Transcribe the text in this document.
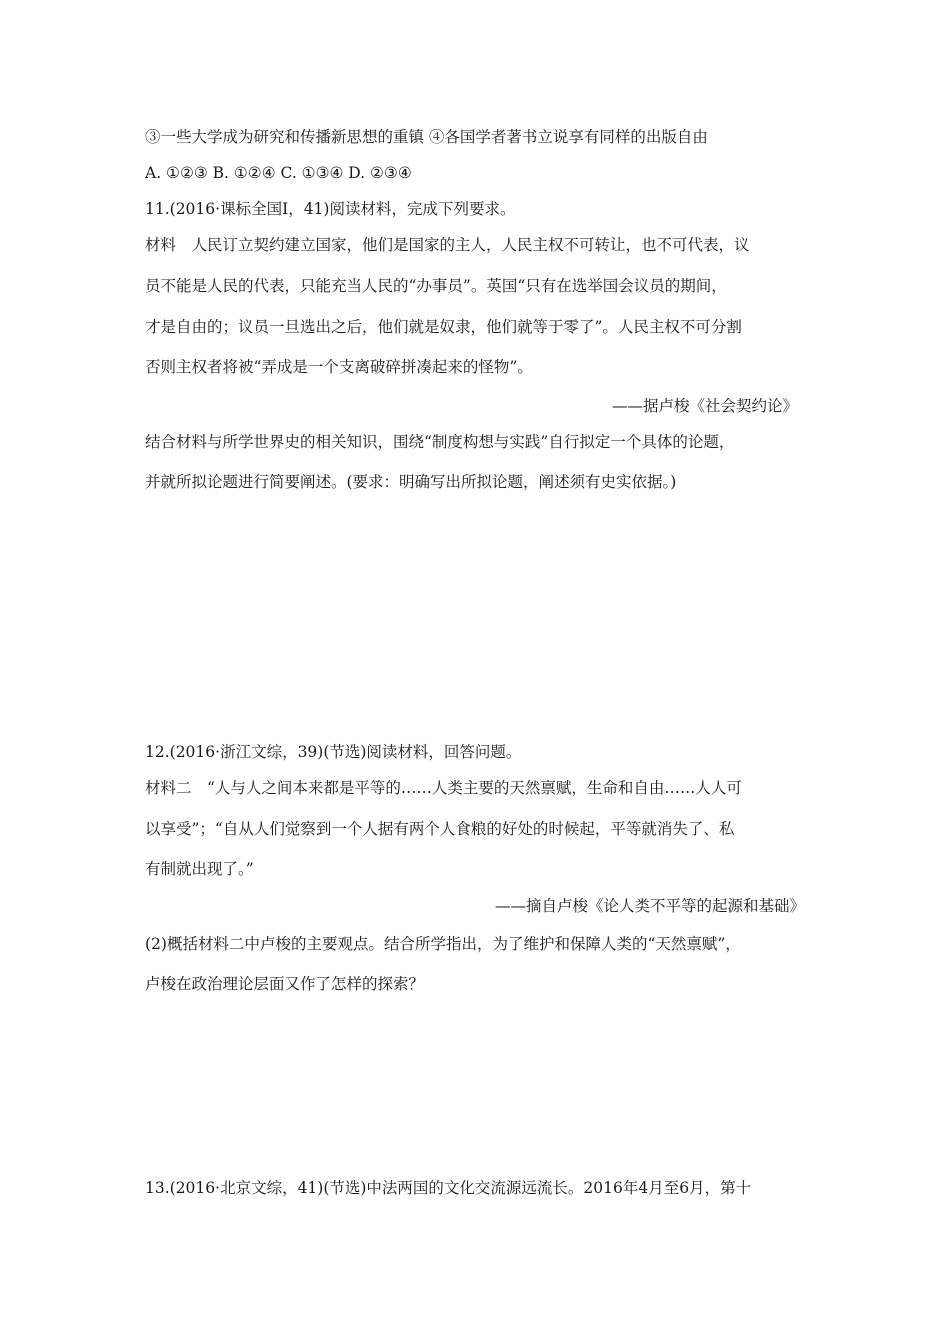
③一些大学成为研究和传播新思想的重镇 ④各国学者著书立说享有同样的出版自由
A. ①②③ B. ①②④ C. ①③④ D. ②③④
11.(2016·课标全国Ⅰ，41)阅读材料，完成下列要求。
材料　人民订立契约建立国家，他们是国家的主人，人民主权不可转让，也不可代表，议
员不能是人民的代表，只能充当人民的“办事员”。英国“只有在选举国会议员的期间，
才是自由的；议员一旦选出之后，他们就是奴隶，他们就等于零了”。人民主权不可分割
否则主权者将被“弄成是一个支离破碎拼凑起来的怪物”。
——据卢梭《社会契约论》
结合材料与所学世界史的相关知识，围绕“制度构想与实践”自行拟定一个具体的论题，
并就所拟论题进行简要阐述。(要求：明确写出所拟论题，阐述须有史实依据。)
12.(2016·浙江文综，39)(节选)阅读材料，回答问题。
材料二　“人与人之间本来都是平等的……人类主要的天然禀赋，生命和自由……人人可
以享受”；“自从人们觉察到一个人据有两个人食粮的好处的时候起，平等就消失了、私
有制就出现了。”
——摘自卢梭《论人类不平等的起源和基础》
(2)概括材料二中卢梭的主要观点。结合所学指出，为了维护和保障人类的“天然禀赋”，
卢梭在政治理论层面又作了怎样的探索？
13.(2016·北京文综，41)(节选)中法两国的文化交流源远流长。2016年4月至6月，第十
